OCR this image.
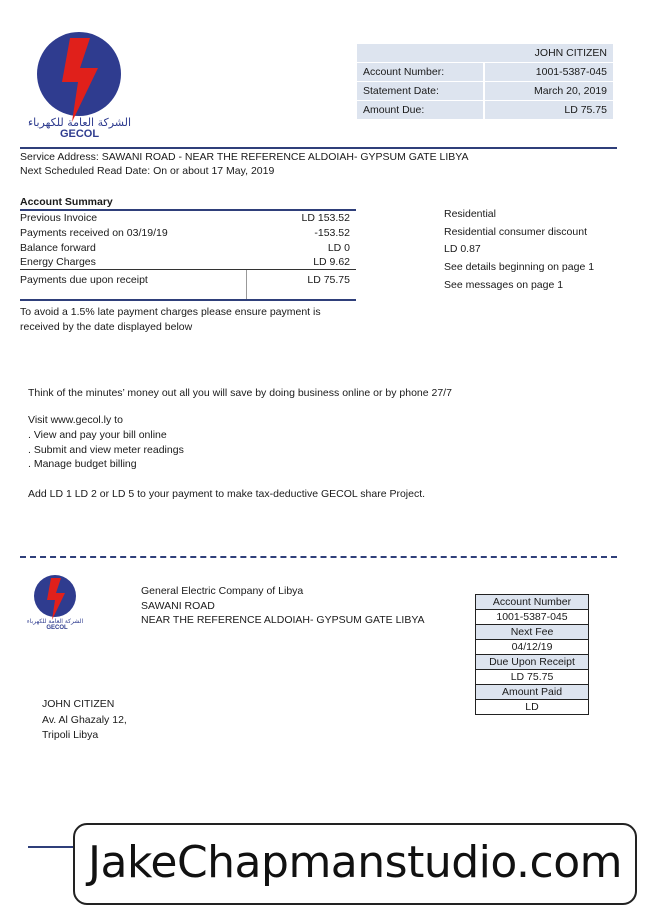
الشركة العامة للكهرباء
GECOL
JOHN CITIZEN	
Account Number:	1001-5387-045
Statement Date:	March 20, 2019
Amount Due:	LD 75.75
Service Address: SAWANI ROAD - NEAR THE REFERENCE ALDOIAH- GYPSUM GATE LIBYA
Next Scheduled Read Date: On or about 17 May, 2019
Account Summary
Previous Invoice	LD 153.52
Payments received on 03/19/19	-153.52
Balance forward	LD 0
Energy Charges	LD 9.62
Payments due upon receipt	LD 75.75
Residential
Residential consumer discount
LD 0.87
See details beginning on page 1
See messages on page 1
To avoid a 1.5% late payment charges please ensure payment is
received by the date displayed below
Think of the minutes’ money out all you will save by doing business online or by phone 27/7
Visit www.gecol.ly to
. View and pay your bill online
. Submit and view meter readings
. Manage budget billing
Add LD 1 LD 2 or LD 5 to your payment to make tax-deductive GECOL share Project.
الشركة العامة للكهرباء
GECOL
General Electric Company of Libya
SAWANI ROAD
NEAR THE REFERENCE ALDOIAH- GYPSUM GATE LIBYA
Account Number
1001-5387-045
Next Fee
04/12/19
Due Upon Receipt
LD 75.75
Amount Paid
LD
JOHN CITIZEN
Av. Al Ghazaly 12,
Tripoli Libya
JakeChapmanstudio.com
